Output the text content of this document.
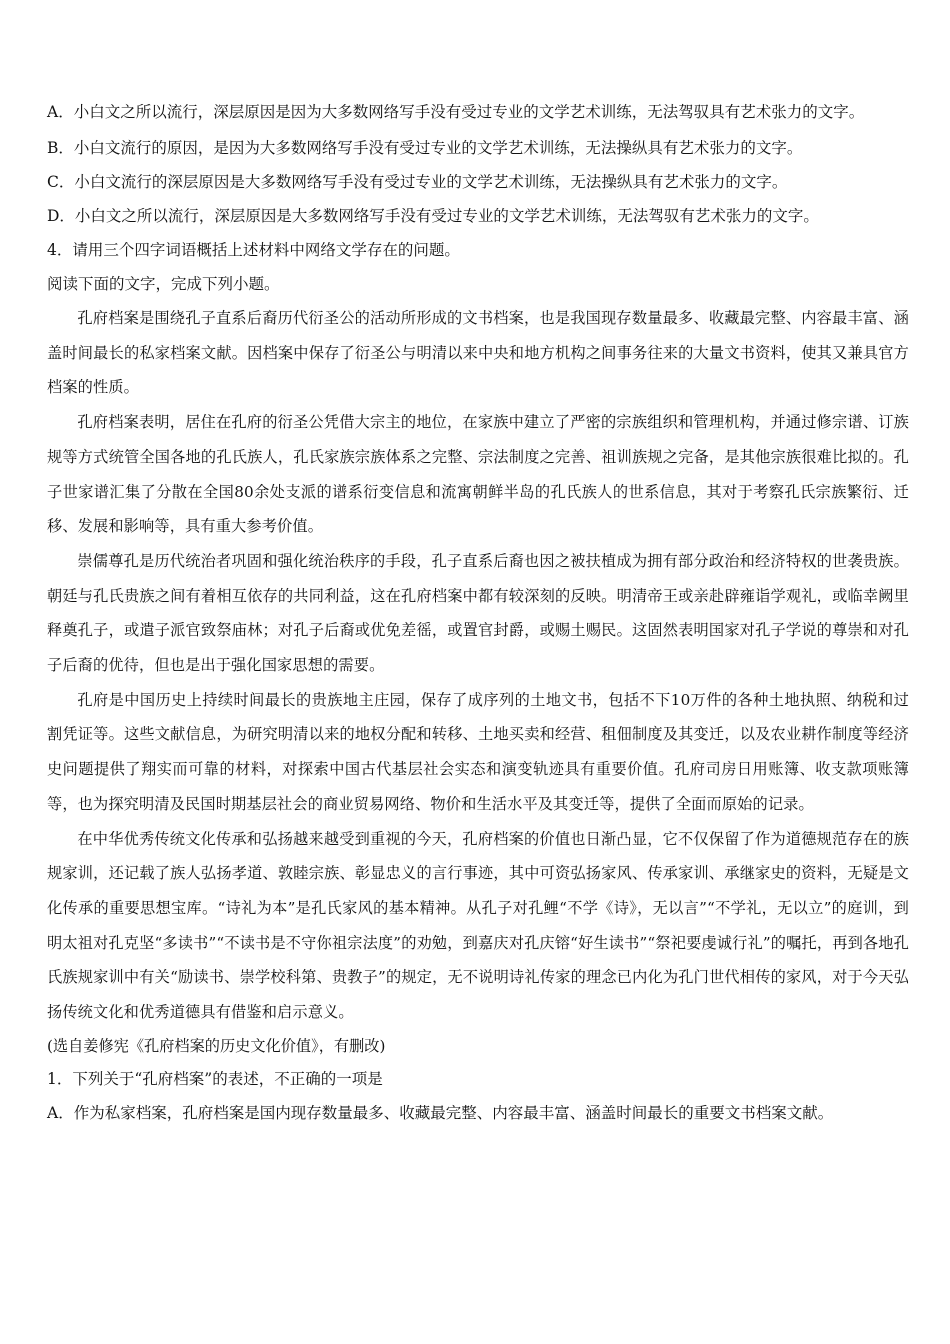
A．小白文之所以流行，深层原因是因为大多数网络写手没有受过专业的文学艺术训练，无法驾驭具有艺术张力的文字。

B．小白文流行的原因，是因为大多数网络写手没有受过专业的文学艺术训练，无法操纵具有艺术张力的文字。

C．小白文流行的深层原因是大多数网络写手没有受过专业的文学艺术训练，无法操纵具有艺术张力的文字。

D．小白文之所以流行，深层原因是大多数网络写手没有受过专业的文学艺术训练，无法驾驭有艺术张力的文字。

4．请用三个四字词语概括上述材料中网络文学存在的问题。

阅读下面的文字，完成下列小题。

孔府档案是围绕孔子直系后裔历代衍圣公的活动所形成的文书档案，也是我国现存数量最多、收藏最完整、内容最丰富、涵盖时间最长的私家档案文献。因档案中保存了衍圣公与明清以来中央和地方机构之间事务往来的大量文书资料，使其又兼具官方档案的性质。

孔府档案表明，居住在孔府的衍圣公凭借大宗主的地位，在家族中建立了严密的宗族组织和管理机构，并通过修宗谱、订族规等方式统管全国各地的孔氏族人，孔氏家族宗族体系之完整、宗法制度之完善、祖训族规之完备，是其他宗族很难比拟的。孔子世家谱汇集了分散在全国80余处支派的谱系衍变信息和流寓朝鲜半岛的孔氏族人的世系信息，其对于考察孔氏宗族繁衍、迁移、发展和影响等，具有重大参考价值。

崇儒尊孔是历代统治者巩固和强化统治秩序的手段，孔子直系后裔也因之被扶植成为拥有部分政治和经济特权的世袭贵族。朝廷与孔氏贵族之间有着相互依存的共同利益，这在孔府档案中都有较深刻的反映。明清帝王或亲赴辟雍诣学观礼，或临幸阙里释奠孔子，或遣子派官致祭庙林；对孔子后裔或优免差徭，或置官封爵，或赐土赐民。这固然表明国家对孔子学说的尊崇和对孔子后裔的优待，但也是出于强化国家思想的需要。

孔府是中国历史上持续时间最长的贵族地主庄园，保存了成序列的土地文书，包括不下10万件的各种土地执照、纳税和过割凭证等。这些文献信息，为研究明清以来的地权分配和转移、土地买卖和经营、租佃制度及其变迁，以及农业耕作制度等经济史问题提供了翔实而可靠的材料，对探索中国古代基层社会实态和演变轨迹具有重要价值。孔府司房日用账簿、收支款项账簿等，也为探究明清及民国时期基层社会的商业贸易网络、物价和生活水平及其变迁等，提供了全面而原始的记录。

在中华优秀传统文化传承和弘扬越来越受到重视的今天，孔府档案的价值也日渐凸显，它不仅保留了作为道德规范存在的族规家训，还记载了族人弘扬孝道、敦睦宗族、彰显忠义的言行事迹，其中可资弘扬家风、传承家训、承继家史的资料，无疑是文化传承的重要思想宝库。“诗礼为本”是孔氏家风的基本精神。从孔子对孔鲤“不学《诗》，无以言”“不学礼，无以立”的庭训，到明太祖对孔克坚“多读书”“不读书是不守你祖宗法度”的劝勉，到嘉庆对孔庆镕“好生读书”“祭祀要虔诚行礼”的嘱托，再到各地孔氏族规家训中有关“励读书、崇学校科第、贵教子”的规定，无不说明诗礼传家的理念已内化为孔门世代相传的家风，对于今天弘扬传统文化和优秀道德具有借鉴和启示意义。

(选自姜修宪《孔府档案的历史文化价值》，有删改)

1．下列关于“孔府档案”的表述，不正确的一项是

A．作为私家档案，孔府档案是国内现存数量最多、收藏最完整、内容最丰富、涵盖时间最长的重要文书档案文献。
